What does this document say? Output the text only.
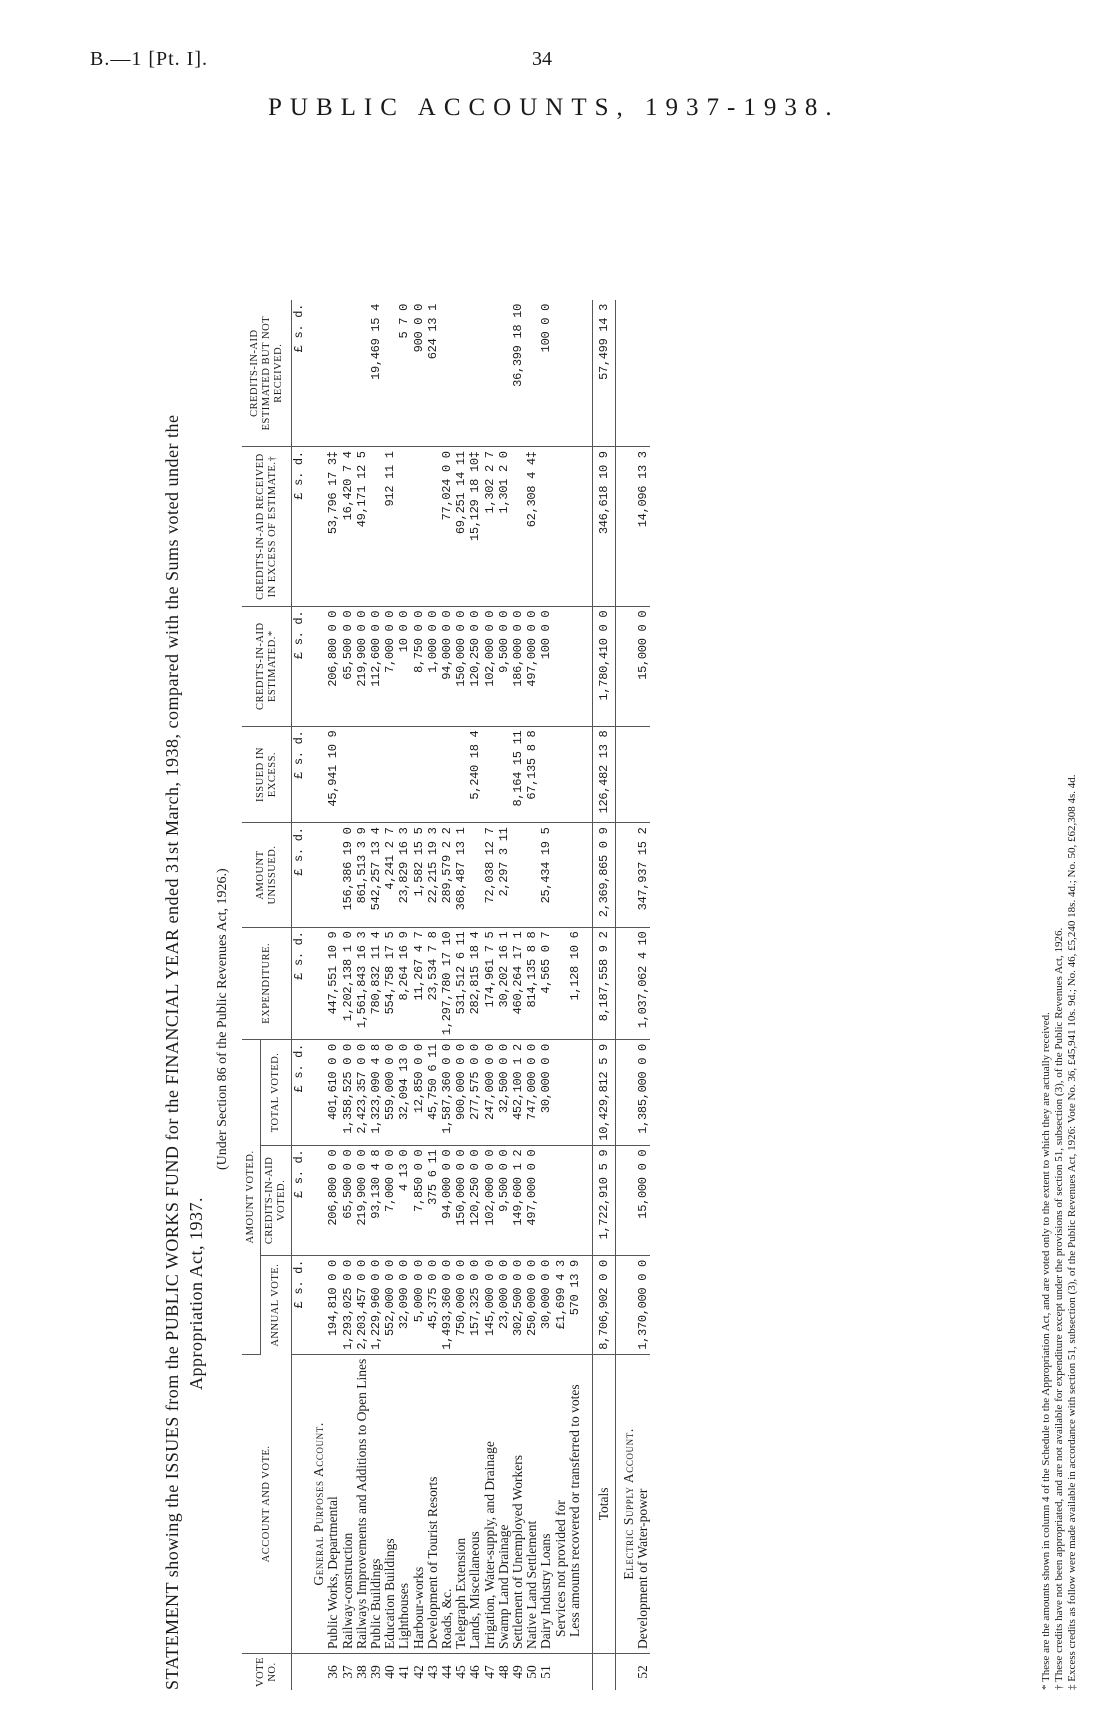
B.—1 [Pt. I].	34
PUBLIC ACCOUNTS, 1937-1938.
STATEMENT showing the ISSUES from the PUBLIC WORKS FUND for the FINANCIAL YEAR ended 31st March, 1938, compared with the Sums voted under the Appropriation Act, 1937.
(Under Section 86 of the Public Revenues Act, 1926.)
VOTE NO.	ACCOUNT AND VOTE.	AMOUNT VOTED.			EXPENDITURE.	AMOUNT UNISSUED.	ISSUED IN EXCESS.	CREDITS-IN-AID ESTIMATED.*	CREDITS-IN-AID RECEIVED IN EXCESS OF ESTIMATE.†	CREDITS-IN-AID ESTIMATED BUT NOT RECEIVED.
		ANNUAL VOTE.	CREDITS-IN-AID VOTED.	TOTAL VOTED.						
		£ s. d.	£ s. d.	£ s. d.	£ s. d.	£ s. d.	£ s. d.	£ s. d.	£ s. d.	£ s. d.
	General Purposes Account.									
36	Public Works, Departmental	194,810 0 0	206,800 0 0	401,610 0 0	447,551 10 9		45,941 10 9	206,800 0 0	53,796 17 3‡	
37	Railway-construction	1,293,025 0 0	65,500 0 0	1,358,525 0 0	1,202,138 1 0	156,386 19 0		65,500 0 0	16,420 7 4	
38	Railways Improvements and Additions to Open Lines	2,203,457 0 0	219,900 0 0	2,423,357 0 0	1,561,843 16 3	861,513 3 9		219,900 0 0	49,171 12 5	
39	Public Buildings	1,229,960 0 0	93,130 4 8	1,323,090 4 8	780,832 11 4	542,257 13 4		112,600 0 0		19,469 15 4
40	Education Buildings	552,000 0 0	7,000 0 0	559,000 0 0	554,758 17 5	4,241 2 7		7,000 0 0	912 11 1	
41	Lighthouses	32,090 0 0	4 13 0	32,094 13 0	8,264 16 9	23,829 16 3		10 0 0		5 7 0
42	Harbour-works	5,000 0 0	7,850 0 0	12,850 0 0	11,267 4 7	1,582 15 5		8,750 0 0		900 0 0
43	Development of Tourist Resorts	45,375 0 0	375 6 11	45,750 6 11	23,534 7 8	22,215 19 3		1,000 0 0		624 13 1
44	Roads, &c.	1,493,360 0 0	94,000 0 0	1,587,360 0 0	1,297,780 17 10	289,579 2 2		94,000 0 0	77,024 0 0	
45	Telegraph Extension	750,000 0 0	150,000 0 0	900,000 0 0	531,512 6 11	368,487 13 1		150,000 0 0	69,251 14 11	
46	Lands, Miscellaneous	157,325 0 0	120,250 0 0	277,575 0 0	282,815 18 4		5,240 18 4	120,250 0 0	15,129 18 10‡	
47	Irrigation, Water-supply, and Drainage	145,000 0 0	102,000 0 0	247,000 0 0	174,961 7 5	72,038 12 7		102,000 0 0	1,302 2 7	
48	Swamp Land Drainage	23,000 0 0	9,500 0 0	32,500 0 0	30,202 16 1	2,297 3 11		9,500 0 0	1,301 2 0	
49	Settlement of Unemployed Workers	302,500 0 0	149,600 1 2	452,100 1 2	460,264 17 1		8,164 15 11	186,000 0 0		36,399 18 10
50	Native Land Settlement	250,000 0 0	497,000 0 0	747,000 0 0	814,135 8 8		67,135 8 8	497,000 0 0	62,308 4 4‡	
51	Dairy Industry Loans	30,000 0 0		30,000 0 0	4,565 0 7	25,434 19 5		100 0 0		100 0 0
	Services not provided for	£1,699 4 3								
	Less amounts recovered or transferred to votes	570 13 9			1,128 10 6					

	Totals	8,706,902 0 0	1,722,910 5 9	10,429,812 5 9	8,187,558 9 2	2,369,865 0 9	126,482 13 8	1,780,410 0 0	346,618 10 9	57,499 14 3
	Electric Supply Account.									
52	Development of Water-power	1,370,000 0 0	15,000 0 0	1,385,000 0 0	1,037,062 4 10	347,937 15 2		15,000 0 0	14,096 13 3	
* These are the amounts shown in column 4 of the Schedule to the Appropriation Act, and are voted only to the extent to which they are actually received. † These credits have not been appropriated, and are not available for expenditure except under the provisions of section 51, subsection (3), of the Public Revenues Act, 1926. ‡ Excess credits as follow were made available in accordance with section 51, subsection (3), of the Public Revenues Act, 1926: Vote No. 36, £45,941 10s. 9d.; No. 46, £5,240 18s. 4d.; No. 50, £62,308 4s. 4d.
